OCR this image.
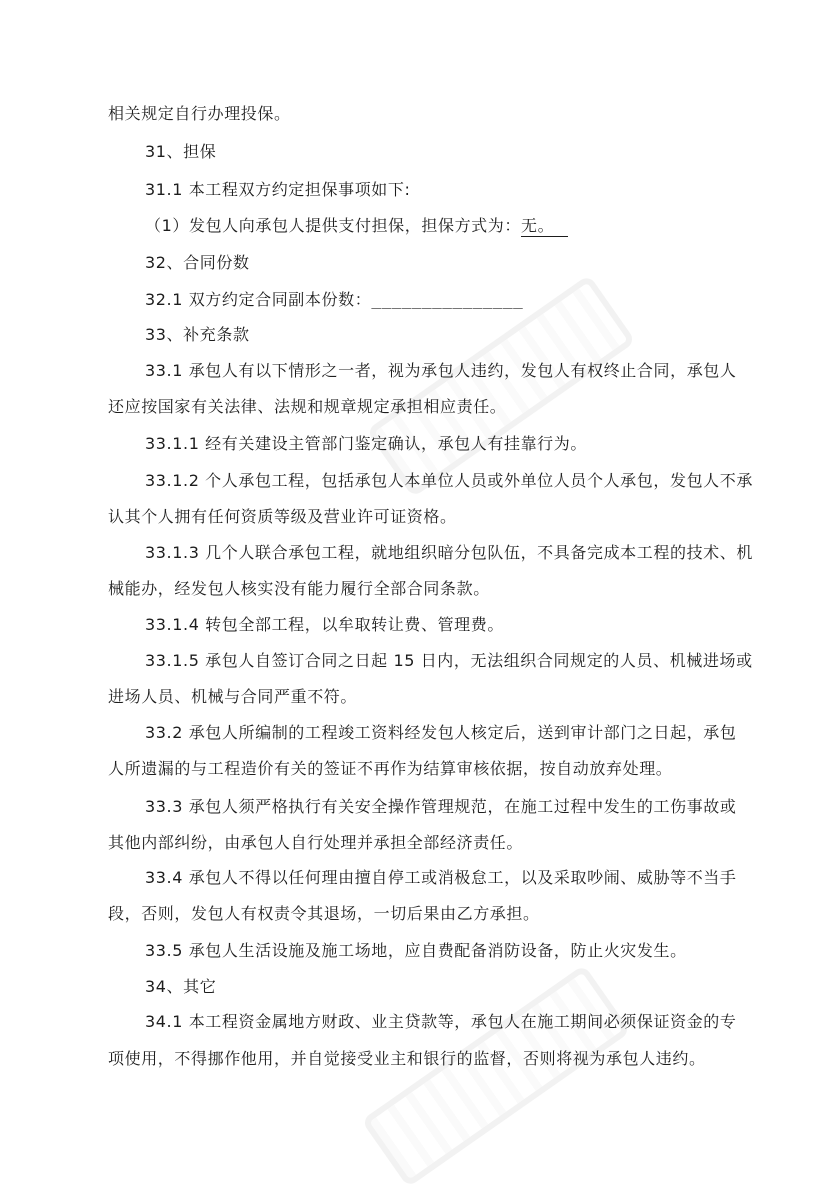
相关规定自行办理投保。
31、担保
31.1 本工程双方约定担保事项如下:
（1）发包人向承包人提供支付担保，担保方式为：无。
32、合同份数
32.1 双方约定合同副本份数：_______________
33、补充条款
33.1 承包人有以下情形之一者，视为承包人违约，发包人有权终止合同，承包人
还应按国家有关法律、法规和规章规定承担相应责任。
33.1.1 经有关建设主管部门鉴定确认，承包人有挂靠行为。
33.1.2 个人承包工程，包括承包人本单位人员或外单位人员个人承包，发包人不承
认其个人拥有任何资质等级及营业许可证资格。
33.1.3 几个人联合承包工程，就地组织暗分包队伍，不具备完成本工程的技术、机
械能办，经发包人核实没有能力履行全部合同条款。
33.1.4 转包全部工程，以牟取转让费、管理费。
33.1.5 承包人自签订合同之日起 15 日内，无法组织合同规定的人员、机械进场或
进场人员、机械与合同严重不符。
33.2 承包人所编制的工程竣工资料经发包人核定后，送到审计部门之日起，承包
人所遗漏的与工程造价有关的签证不再作为结算审核依据，按自动放弃处理。
33.3 承包人须严格执行有关安全操作管理规范，在施工过程中发生的工伤事故或
其他内部纠纷，由承包人自行处理并承担全部经济责任。
33.4 承包人不得以任何理由擅自停工或消极怠工，以及采取吵闹、威胁等不当手
段，否则，发包人有权责令其退场，一切后果由乙方承担。
33.5 承包人生活设施及施工场地，应自费配备消防设备，防止火灾发生。
34、其它
34.1 本工程资金属地方财政、业主贷款等，承包人在施工期间必须保证资金的专
项使用，不得挪作他用，并自觉接受业主和银行的监督，否则将视为承包人违约。
